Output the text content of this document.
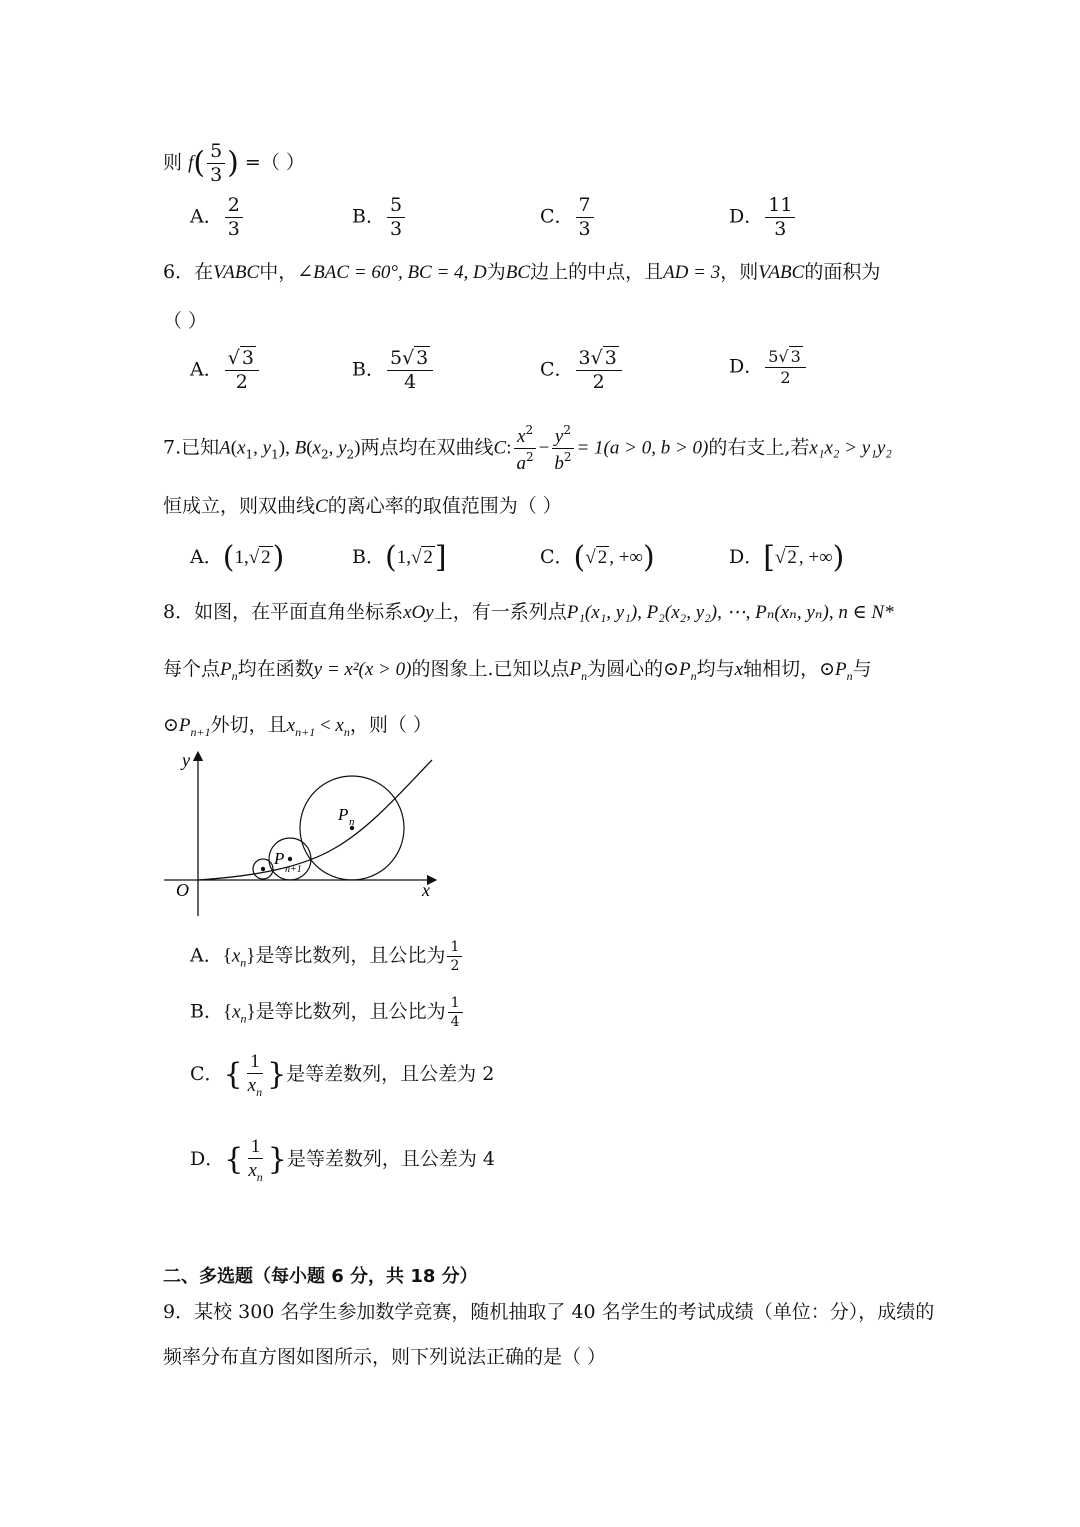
则 $f( \frac{5}{3}$ ) =（ ）
A． $\frac{2}{3}$	B． $\frac{5}{3}$	C． $\frac{7}{3}$	D． $\frac{11}{3}$
6．在VABC中，∠BAC = 60°, BC = 4, D为BC边上的中点，且AD = 3，则VABC的面积为
（ ）
A． $\frac{√ 3}{2}$	B． $\frac{5√ 3}{4}$	C． $\frac{3√ 3}{2}$	D． $\frac{5√ 3}{2}$
7.已知$A(x_1$, $y_1$), $B(x_2$, $y_2$)两点均在双曲线C: $\frac{x^2}{a^2} - \frac{y^2}{b^2} = 1(a > 0$, b > 0)的右支上,若x₁x₂ > y₁y₂
恒成立，则双曲线C的离心率的取值范围为（ ）
A．(1,√ 2)	B．(1,√ 2]	C．(√ 2 , +∞)	D．[√ 2 , +∞)
8．如图，在平面直角坐标系xOy上，有一系列点P₁(x₁, y₁), P₂(x₂, y₂), ⋯, Pₙ(xₙ, yₙ), n ∈ N*
每个点$P_n$均在函数y = x²(x > 0)的图象上.已知以点$P_n$为圆心的$⊙P_n$均与x轴相切，$⊙P_n$与
$⊙P_{n+1}$外切，且$x_{n+1} < x_n$，则（ ）
y
O	x
P n
P
n+1
A．$\{x_n\}$是等比数列，且公比为 $\frac{1}{2}$
B．$\{x_n\}$是等比数列，且公比为 $\frac{1}{4}$
C．{ $\frac{1}{x_n}$ }是等差数列，且公差为 2
D．{ $\frac{1}{x_n}$ }是等差数列，且公差为 4
二、多选题（每小题 6 分，共 18 分）
9．某校 300 名学生参加数学竞赛，随机抽取了 40 名学生的考试成绩（单位：分），成绩的
频率分布直方图如图所示，则下列说法正确的是（ ）
